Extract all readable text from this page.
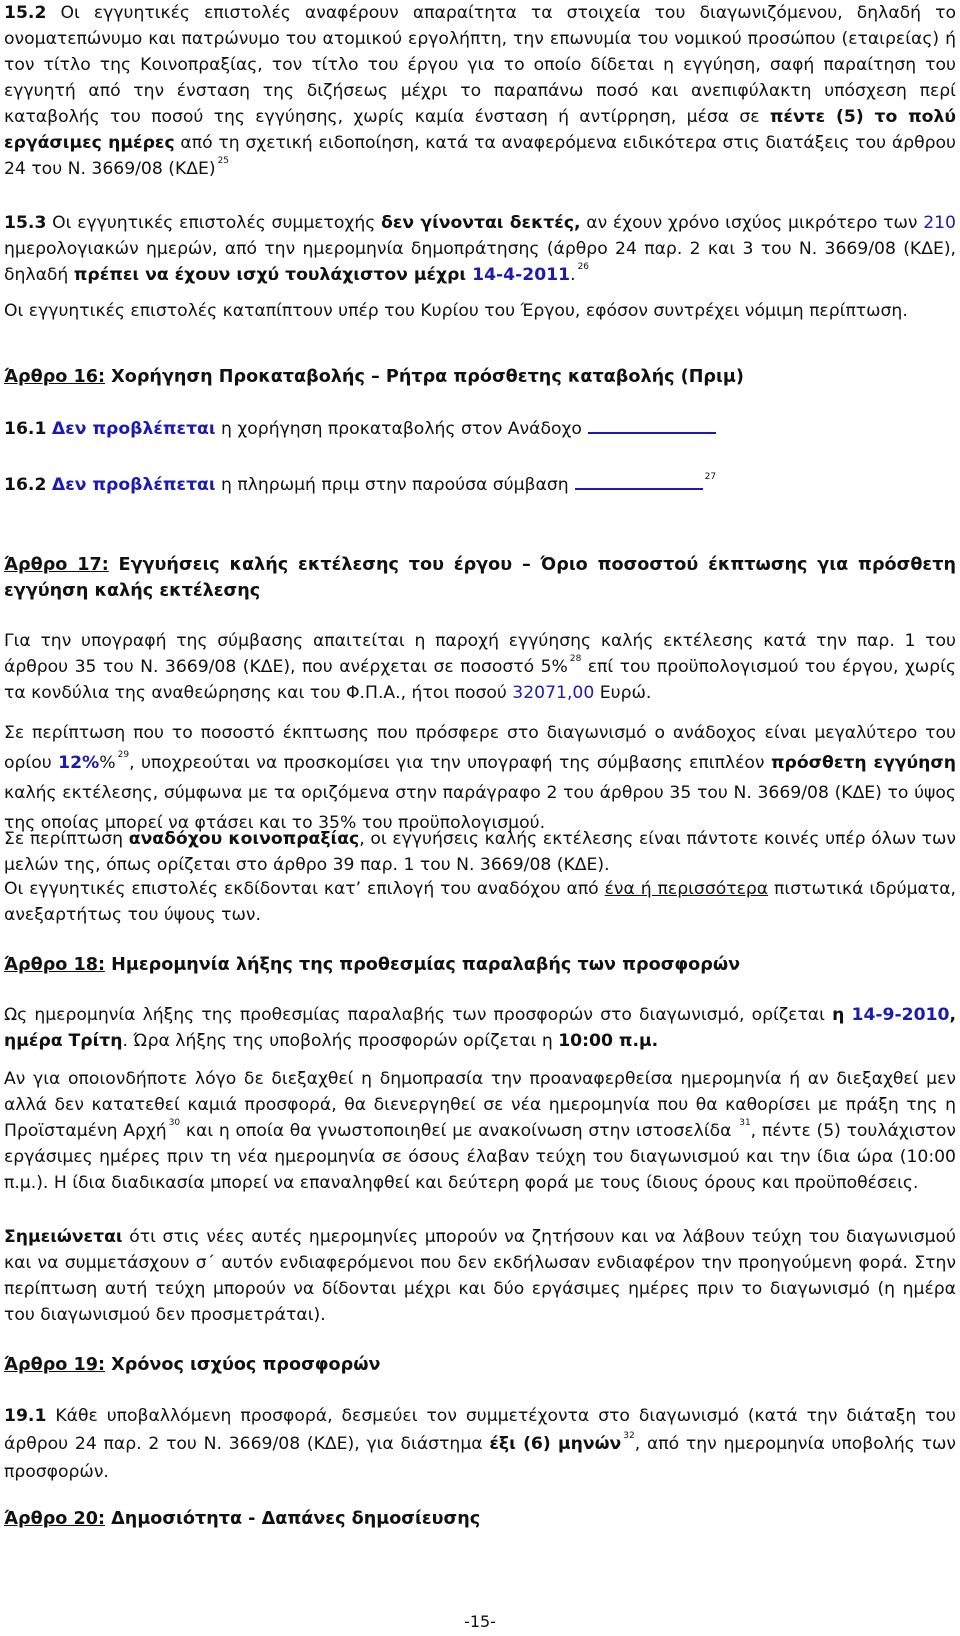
15.2 Οι εγγυητικές επιστολές αναφέρουν απαραίτητα τα στοιχεία του διαγωνιζόμενου, δηλαδή το ονοματεπώνυμο και πατρώνυμο του ατομικού εργολήπτη, την επωνυμία του νομικού προσώπου (εταιρείας) ή τον τίτλο της Κοινοπραξίας, τον τίτλο του έργου για το οποίο δίδεται η εγγύηση, σαφή παραίτηση του εγγυητή από την ένσταση της διζήσεως μέχρι το παραπάνω ποσό και ανεπιφύλακτη υπόσχεση περί καταβολής του ποσού της εγγύησης, χωρίς καμία ένσταση ή αντίρρηση, μέσα σε πέντε (5) το πολύ εργάσιμες ημέρες από τη σχετική ειδοποίηση, κατά τα αναφερόμενα ειδικότερα στις διατάξεις του άρθρου 24 του Ν. 3669/08 (ΚΔΕ) $^{25}$

15.3 Οι εγγυητικές επιστολές συμμετοχής δεν γίνονται δεκτές, αν έχουν χρόνο ισχύος μικρότερο των 210 ημερολογιακών ημερών, από την ημερομηνία δημοπράτησης (άρθρο 24 παρ. 2 και 3 του Ν. 3669/08 (ΚΔΕ), δηλαδή πρέπει να έχουν ισχύ τουλάχιστον μέχρι 14-4-2011. $^{26}$

Οι εγγυητικές επιστολές καταπίπτουν υπέρ του Κυρίου του Έργου, εφόσον συντρέχει νόμιμη περίπτωση.

Άρθρο 16: Χορήγηση Προκαταβολής – Ρήτρα πρόσθετης καταβολής (Πριμ)

16.1 Δεν προβλέπεται η χορήγηση προκαταβολής στον Ανάδοχο

16.2 Δεν προβλέπεται η πληρωμή πριμ στην παρούσα σύμβαση	$^{27}$

Άρθρο 17: Εγγυήσεις καλής εκτέλεσης του έργου – Όριο ποσοστού έκπτωσης για πρόσθετη εγγύηση καλής εκτέλεσης

Για την υπογραφή της σύμβασης απαιτείται η παροχή εγγύησης καλής εκτέλεσης κατά την παρ. 1 του άρθρου 35 του Ν. 3669/08 (ΚΔΕ), που ανέρχεται σε ποσοστό 5% $^{28}$ επί του προϋπολογισμού του έργου, χωρίς τα κονδύλια της αναθεώρησης και του Φ.Π.Α., ήτοι ποσού 32071,00 Ευρώ.

Σε περίπτωση που το ποσοστό έκπτωσης που πρόσφερε στο διαγωνισμό ο ανάδοχος είναι μεγαλύτερο του ορίου 12%% $^{29}$, υποχρεούται να προσκομίσει για την υπογραφή της σύμβασης επιπλέον πρόσθετη εγγύηση καλής εκτέλεσης, σύμφωνα με τα οριζόμενα στην παράγραφο 2 του άρθρου 35 του Ν. 3669/08 (ΚΔΕ) το ύψος της οποίας μπορεί να φτάσει και το 35% του προϋπολογισμού.

Σε περίπτωση αναδόχου κοινοπραξίας, οι εγγυήσεις καλής εκτέλεσης είναι πάντοτε κοινές υπέρ όλων των μελών της, όπως ορίζεται στο άρθρο 39 παρ. 1 του Ν. 3669/08 (ΚΔΕ).

Οι εγγυητικές επιστολές εκδίδονται κατ’ επιλογή του αναδόχου από ένα ή περισσότερα πιστωτικά ιδρύματα, ανεξαρτήτως του ύψους των.

Άρθρο 18: Ημερομηνία λήξης της προθεσμίας παραλαβής των προσφορών

Ως ημερομηνία λήξης της προθεσμίας παραλαβής των προσφορών στο διαγωνισμό, ορίζεται η 14-9-2010, ημέρα Τρίτη. Ώρα λήξης της υποβολής προσφορών ορίζεται η 10:00 π.μ.

Αν για οποιονδήποτε λόγο δε διεξαχθεί η δημοπρασία την προαναφερθείσα ημερομηνία ή αν διεξαχθεί μεν αλλά δεν κατατεθεί καμιά προσφορά, θα διενεργηθεί σε νέα ημερομηνία που θα καθορίσει με πράξη της η Προϊσταμένη Αρχή $^{30}$ και η οποία θα γνωστοποιηθεί με ανακοίνωση στην ιστοσελίδα $^{31}$, πέντε (5) τουλάχιστον εργάσιμες ημέρες πριν τη νέα ημερομηνία σε όσους έλαβαν τεύχη του διαγωνισμού και την ίδια ώρα (10:00 π.μ.). Η ίδια διαδικασία μπορεί να επαναληφθεί και δεύτερη φορά με τους ίδιους όρους και προϋποθέσεις.

Σημειώνεται ότι στις νέες αυτές ημερομηνίες μπορούν να ζητήσουν και να λάβουν τεύχη του διαγωνισμού και να συμμετάσχουν σ΄ αυτόν ενδιαφερόμενοι που δεν εκδήλωσαν ενδιαφέρον την προηγούμενη φορά. Στην περίπτωση αυτή τεύχη μπορούν να δίδονται μέχρι και δύο εργάσιμες ημέρες πριν το διαγωνισμό (η ημέρα του διαγωνισμού δεν προσμετράται).

Άρθρο 19: Χρόνος ισχύος προσφορών

19.1 Κάθε υποβαλλόμενη προσφορά, δεσμεύει τον συμμετέχοντα στο διαγωνισμό (κατά την διάταξη του άρθρου 24 παρ. 2 του Ν. 3669/08 (ΚΔΕ), για διάστημα έξι (6) μηνών $^{32}$, από την ημερομηνία υποβολής των προσφορών.

Άρθρο 20: Δημοσιότητα - Δαπάνες δημοσίευσης

-15-
